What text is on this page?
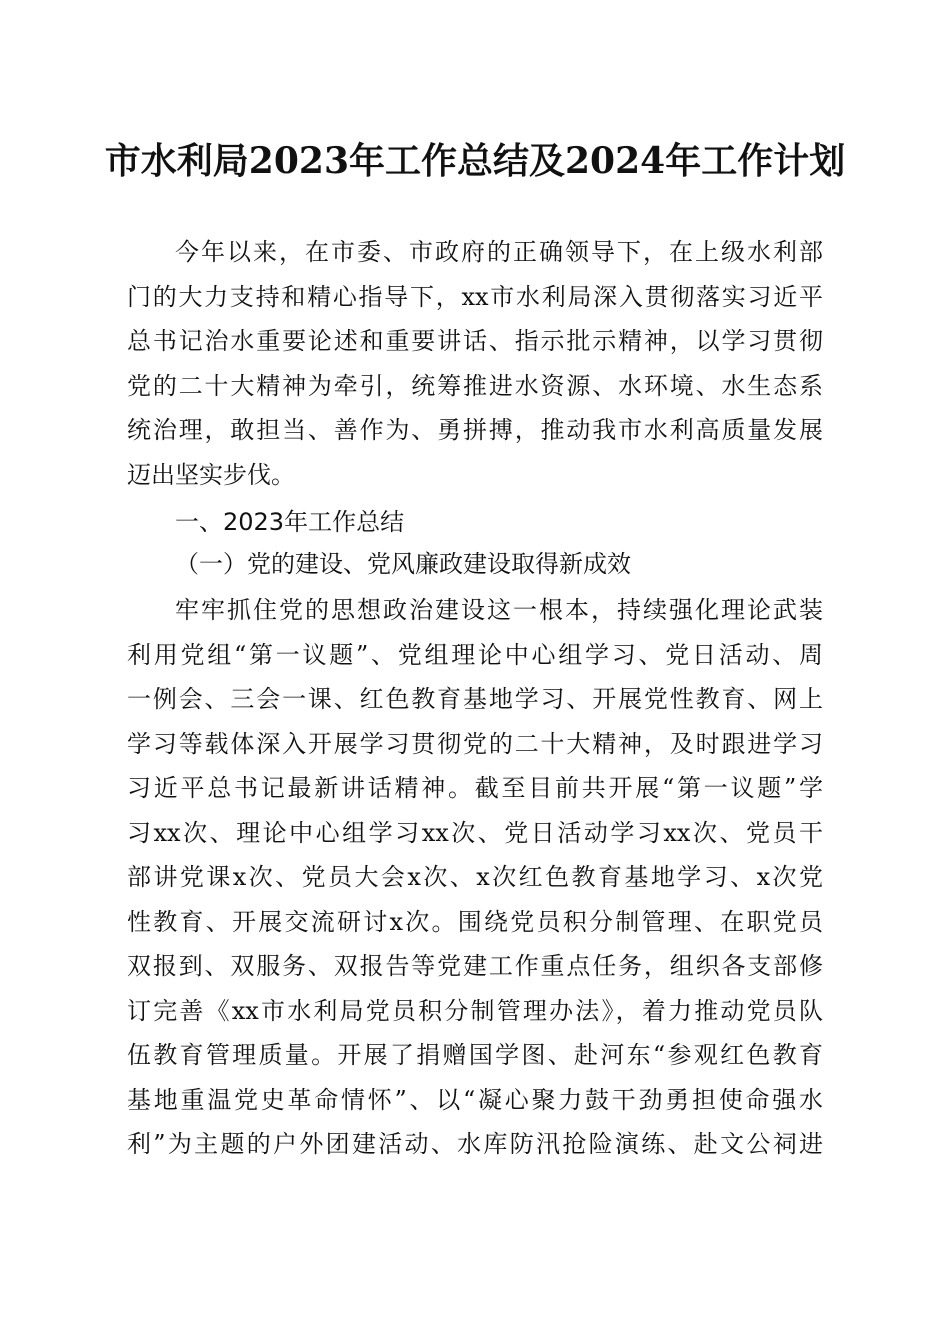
市水利局2023年工作总结及2024年工作计划
今年以来，在市委、市政府的正确领导下，在上级水利部
门的大力支持和精心指导下，xx市水利局深入贯彻落实习近平
总书记治水重要论述和重要讲话、指示批示精神，以学习贯彻
党的二十大精神为牵引，统筹推进水资源、水环境、水生态系
统治理，敢担当、善作为、勇拼搏，推动我市水利高质量发展
迈出坚实步伐。
一、2023年工作总结
（一）党的建设、党风廉政建设取得新成效
牢牢抓住党的思想政治建设这一根本，持续强化理论武装
利用党组“第一议题”、党组理论中心组学习、党日活动、周
一例会、三会一课、红色教育基地学习、开展党性教育、网上
学习等载体深入开展学习贯彻党的二十大精神，及时跟进学习
习近平总书记最新讲话精神。截至目前共开展“第一议题”学
习xx次、理论中心组学习xx次、党日活动学习xx次、党员干
部讲党课x次、党员大会x次、x次红色教育基地学习、x次党
性教育、开展交流研讨x次。围绕党员积分制管理、在职党员
双报到、双服务、双报告等党建工作重点任务，组织各支部修
订完善《xx市水利局党员积分制管理办法》，着力推动党员队
伍教育管理质量。开展了捐赠国学图、赴河东“参观红色教育
基地重温党史革命情怀”、以“凝心聚力鼓干劲勇担使命强水
利”为主题的户外团建活动、水库防汛抢险演练、赴文公祠进
